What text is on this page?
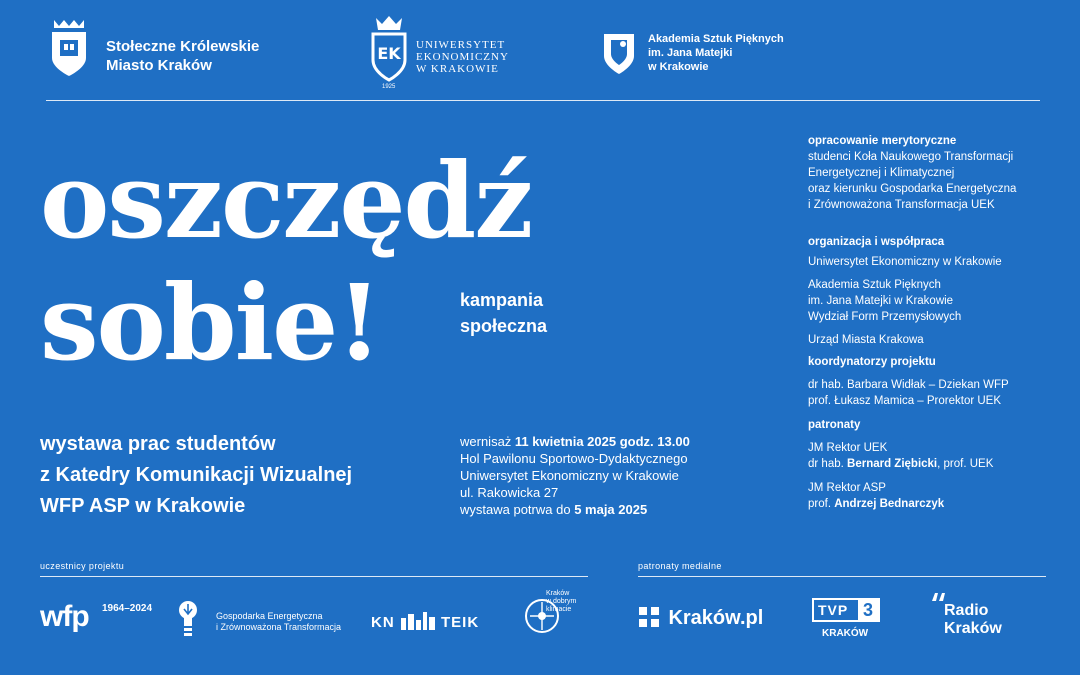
Stołeczne Królewskie
Miasto Kraków
EK UNIWERSYTET
EKONOMICZNY
W KRAKOWIE
1925
Akademia Sztuk Pięknych
im. Jana Matejki
w Krakowie
oszczędź
sobie!	kampania
społeczna
wystawa prac studentów
z Katedry Komunikacji Wizualnej
WFP ASP w Krakowie
wernisaż 11 kwietnia 2025 godz. 13.00
Hol Pawilonu Sportowo-Dydaktycznego
Uniwersytet Ekonomiczny w Krakowie
ul. Rakowicka 27
wystawa potrwa do 5 maja 2025

opracowanie merytoryczne

studenci Koła Naukowego Transformacji

Energetycznej i Klimatycznej

oraz kierunku Gospodarka Energetyczna

i Zrównoważona Transformacja UEK

organizacja i współpraca

Uniwersytet Ekonomiczny w Krakowie

Akademia Sztuk Pięknych

im. Jana Matejki w Krakowie

Wydział Form Przemysłowych

Urząd Miasta Krakowa

koordynatorzy projektu

dr hab. Barbara Widłak – Dziekan WFP

prof. Łukasz Mamica – Prorektor UEK

patronaty

JM Rektor UEK

dr hab. Bernard Ziębicki, prof. UEK

JM Rektor ASP

prof. Andrzej Bednarczyk

uczestnicy projektu	patronaty medialne
wfp 1964–2024
Gospodarka Energetyczna
i Zrównoważona Transformacja KN	TEIK
Kraków
w dobrym
klimacie	Kraków.pl	TVP 3
KRAKÓW
Radio
Kraków
